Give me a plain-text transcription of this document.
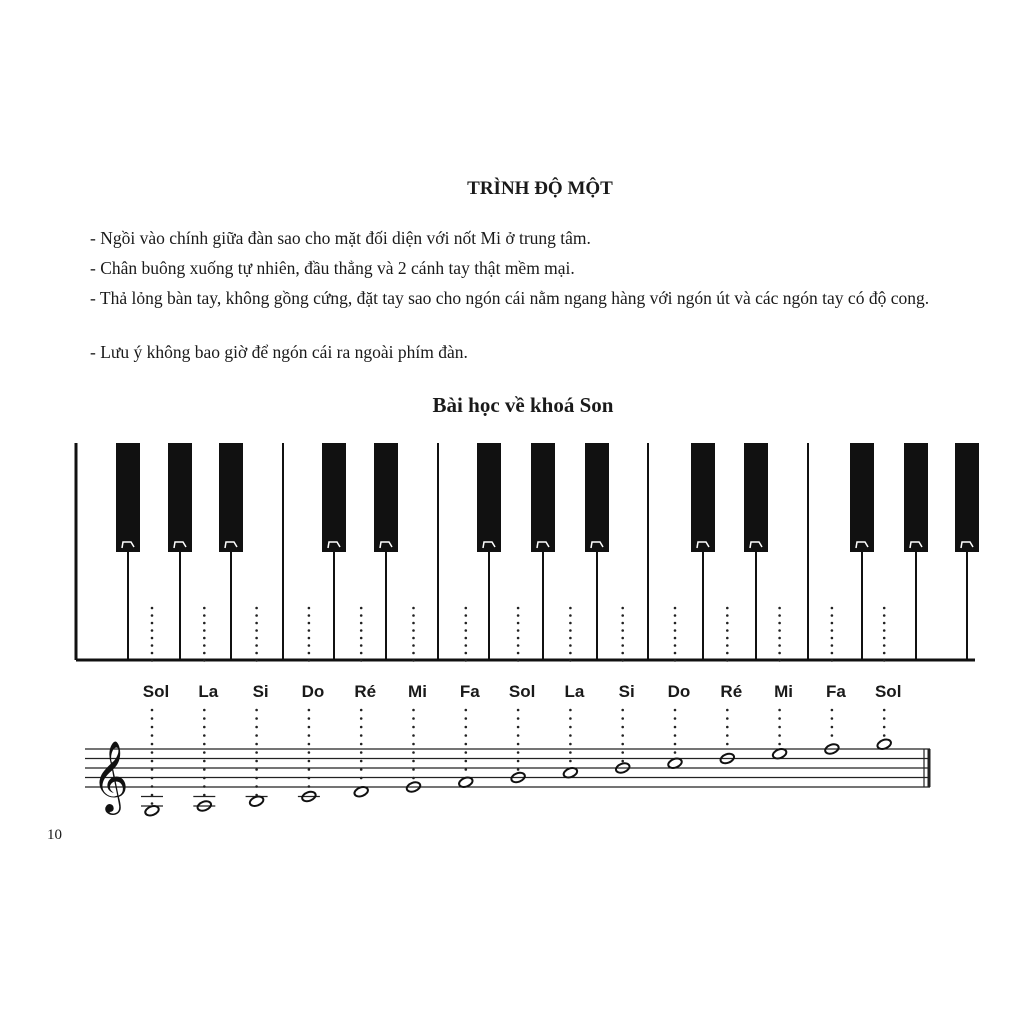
TRÌNH ĐỘ MỘT
- Ngồi vào chính giữa đàn sao cho mặt đối diện với nốt Mi ở trung tâm.
- Chân buông xuống tự nhiên, đầu thẳng và 2 cánh tay thật mềm mại.
- Thả lỏng bàn tay, không gồng cứng, đặt tay sao cho ngón cái nằm ngang hàng với ngón út và các ngón tay có độ cong.
- Lưu ý không bao giờ để ngón cái ra ngoài phím đàn.
Bài học về khoá Son
𝄞
Sol La Si Do Ré Mi Fa Sol La Si Do Ré Mi Fa Sol
10
